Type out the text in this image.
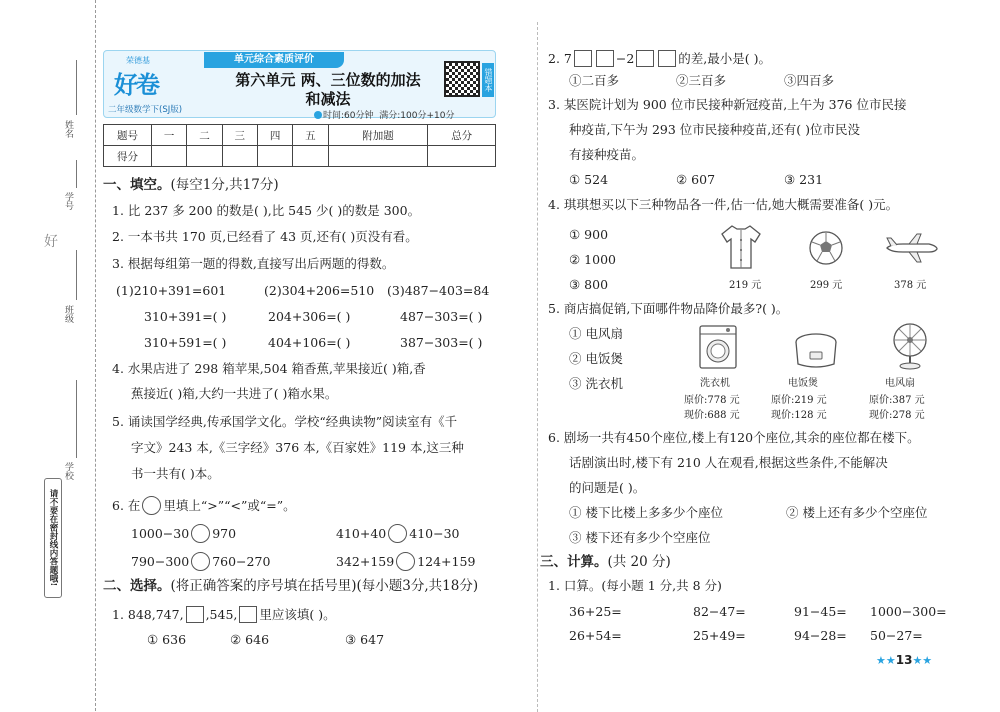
姓名
好
学号
班级
学校
请不要在密封线内答题哦!
荣德基
好卷
二年级数学下(SJ版)
单元综合素质评价
第六单元 两、三位数的加法
和减法
时间:60分钟 满分:100分+10分
错题本
题号	一	二	三	四	五	附加题	总分
得分							
一、填空。(每空1分,共17分)
1. 比 237 多 200 的数是( ),比 545 少( )的数是 300。
2. 一本书共 170 页,已经看了 43 页,还有( )页没有看。
3. 根据每组第一题的得数,直接写出后两题的得数。
(1)210+391=601
310+391=( )
310+591=( )
(2)304+206=510
204+306=( )
404+106=( )
(3)487−403=84
487−303=( )
387−303=( )
4. 水果店进了 298 箱苹果,504 箱香蕉,苹果接近( )箱,香
蕉接近( )箱,大约一共进了( )箱水果。
5. 诵读国学经典,传承国学文化。学校“经典读物”阅读室有《千
字文》243 本,《三字经》376 本,《百家姓》119 本,这三种
书一共有( )本。
6. 在 里填上“>”“<”或“=”。
1000−30 970	410+40 410−30
790−300 760−270	342+159 124+159
二、选择。(将正确答案的序号填在括号里)(每小题3分,共18分)
1. 848,747, ,545, 里应该填( )。
① 636	② 646	③ 647
2. 7	−2	的差,最小是( )。
①二百多	②三百多	③四百多
3. 某医院计划为 900 位市民接种新冠疫苗,上午为 376 位市民接
种疫苗,下午为 293 位市民接种疫苗,还有( )位市民没
有接种疫苗。
① 524	② 607	③ 231
4. 琪琪想买以下三种物品各一件,估一估,她大概需要准备( )元。
① 900
② 1000
③ 800	219 元	299 元	378 元
5. 商店搞促销,下面哪件物品降价最多?( )。
① 电风扇
② 电饭煲
③ 洗衣机	洗衣机
原价:778 元
现价:688 元
电饭煲
原价:219 元
现价:128 元
电风扇
原价:387 元
现价:278 元
6. 剧场一共有450个座位,楼上有120个座位,其余的座位都在楼下。
话剧演出时,楼下有 210 人在观看,根据这些条件,不能解决
的问题是( )。
① 楼下比楼上多多少个座位	② 楼上还有多少个空座位
③ 楼下还有多少个空座位
三、计算。(共 20 分)
1. 口算。(每小题 1 分,共 8 分)
36+25=	82−47=	91−45= 1000−300=
26+54=	25+49=	94−28= 50−27=
★★13★★
